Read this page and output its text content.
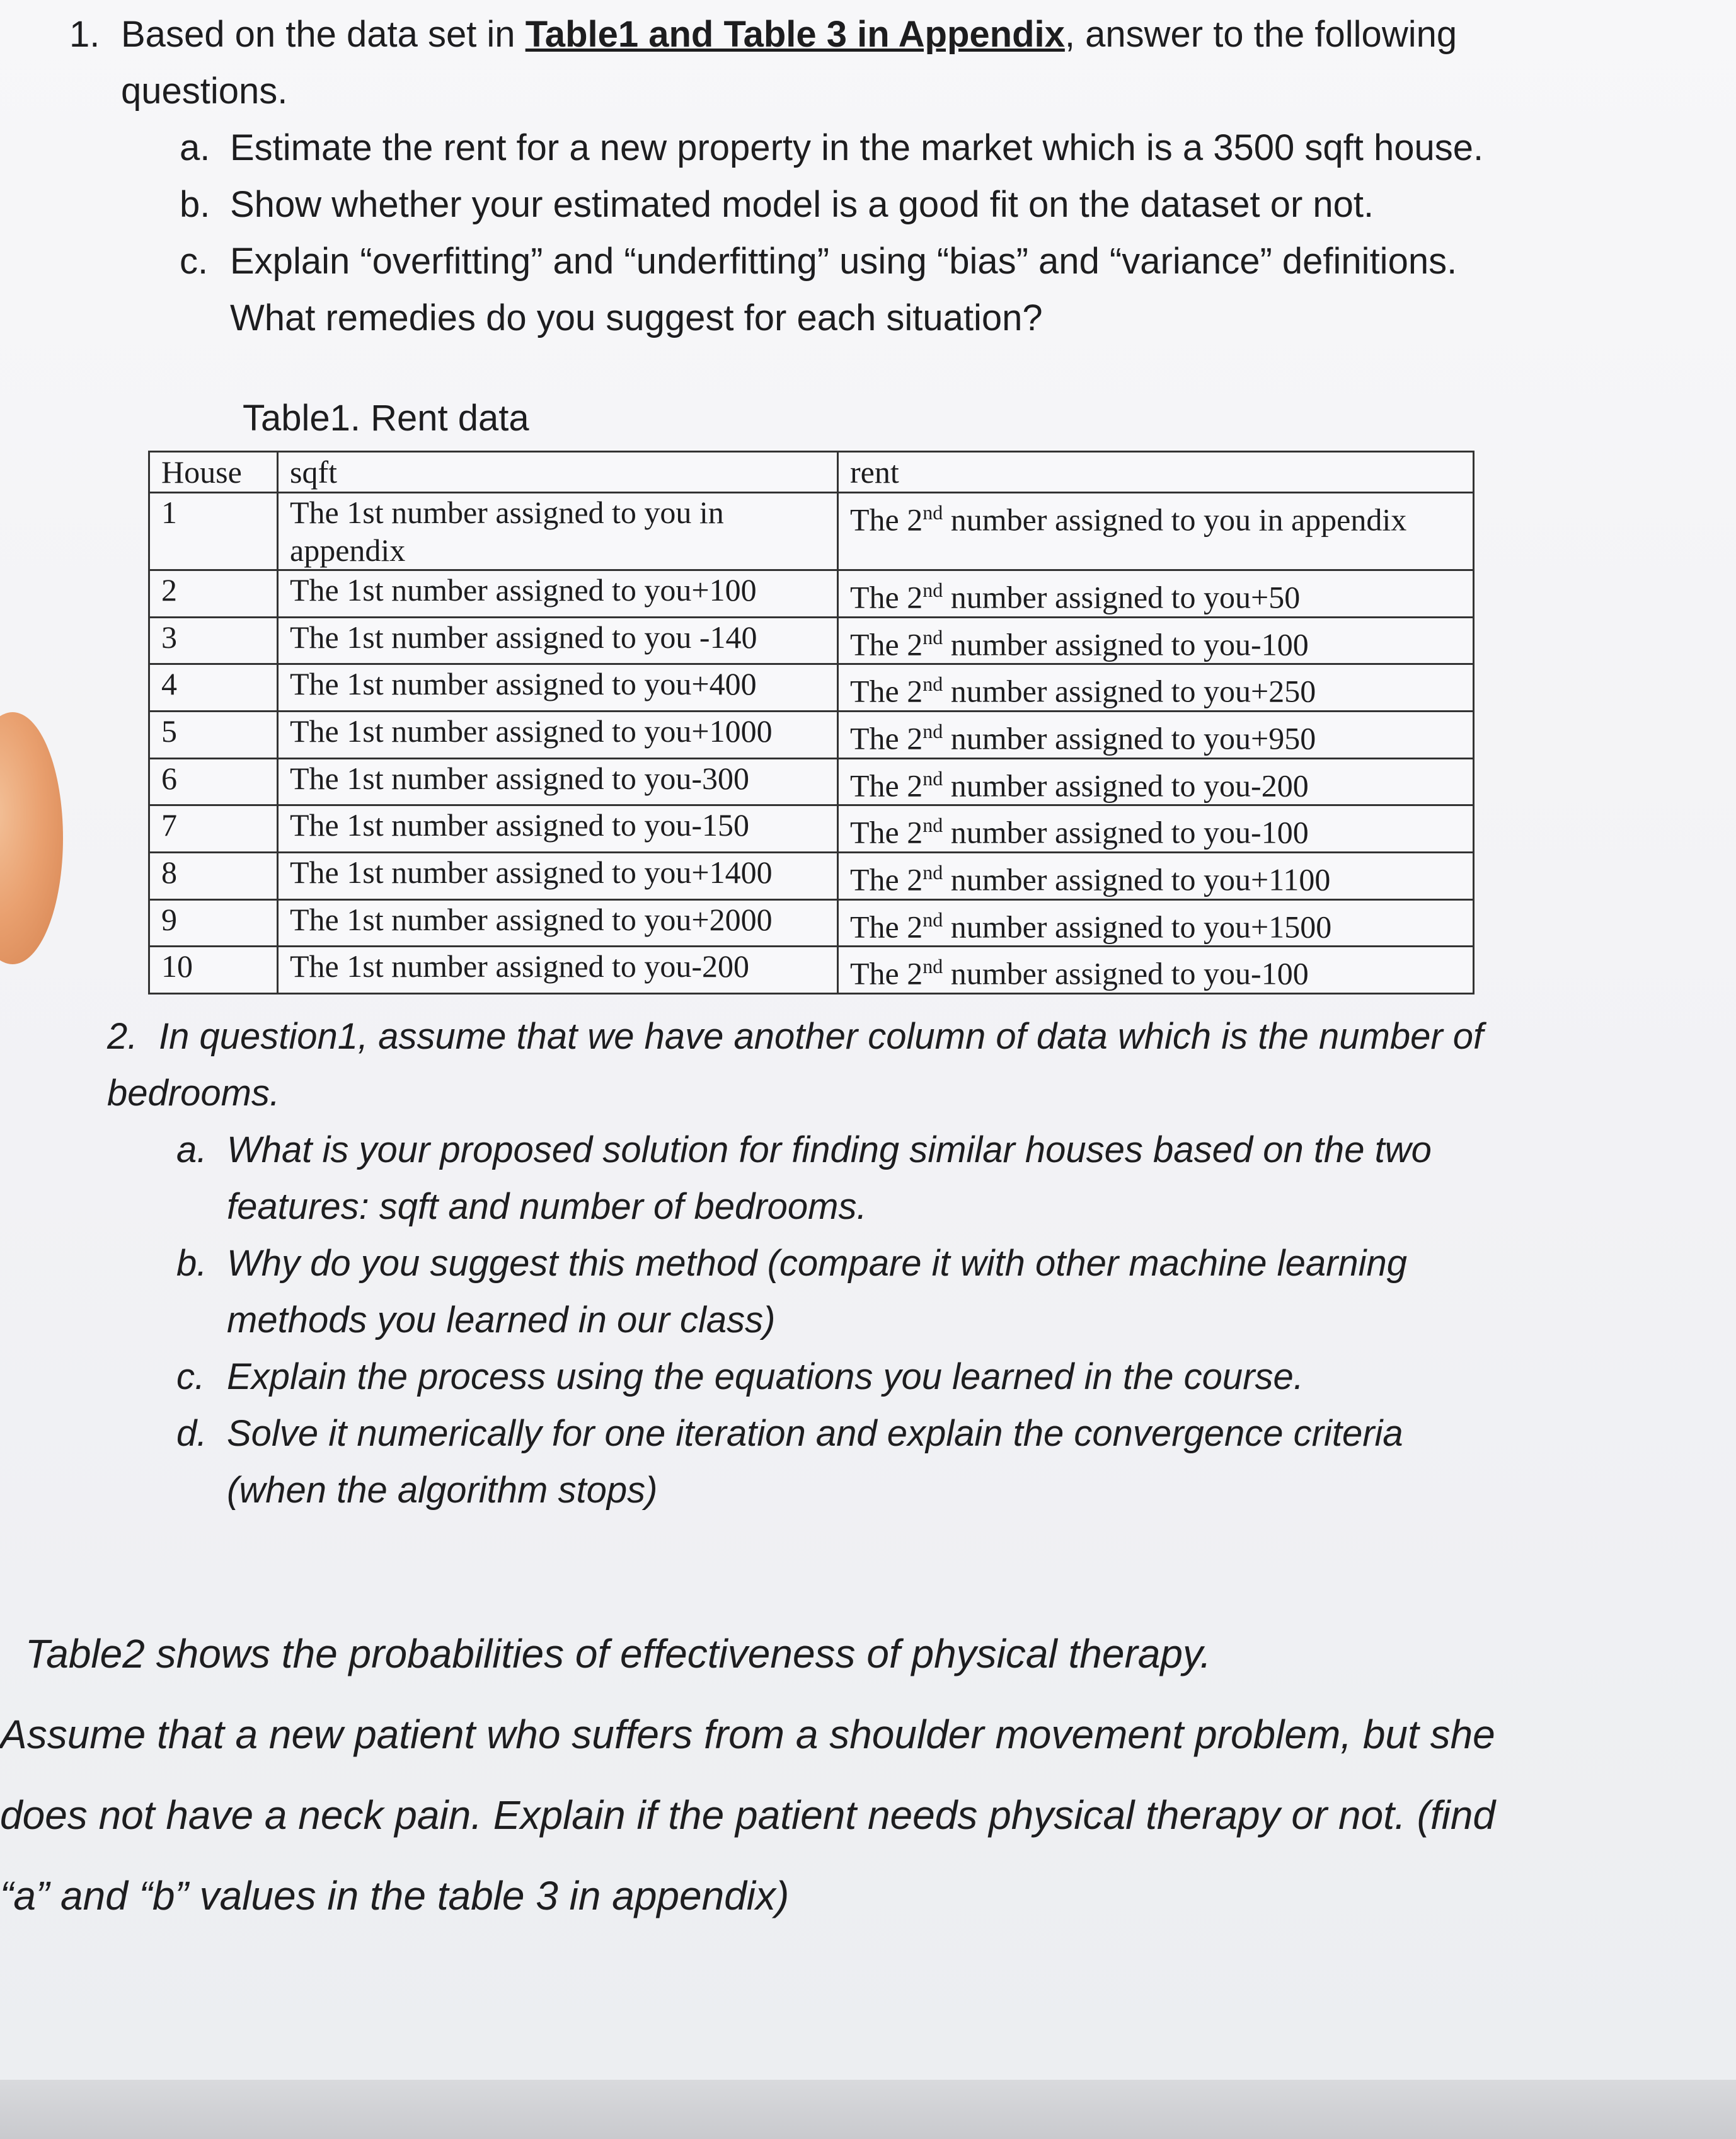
1. Based on the data set in Table1 and Table 3 in Appendix, answer to the following
questions.
a. Estimate the rent for a new property in the market which is a 3500 sqft house.
b. Show whether your estimated model is a good fit on the dataset or not.
c. Explain “overfitting” and “underfitting” using “bias” and “variance” definitions.
What remedies do you suggest for each situation?
Table1. Rent data
House	sqft	rent
1	The 1st number assigned to you in appendix	The 2nd number assigned to you in appendix
2	The 1st number assigned to you+100	The 2nd number assigned to you+50
3	The 1st number assigned to you -140	The 2nd number assigned to you-100
4	The 1st number assigned to you+400	The 2nd number assigned to you+250
5	The 1st number assigned to you+1000	The 2nd number assigned to you+950
6	The 1st number assigned to you-300	The 2nd number assigned to you-200
7	The 1st number assigned to you-150	The 2nd number assigned to you-100
8	The 1st number assigned to you+1400	The 2nd number assigned to you+1100
9	The 1st number assigned to you+2000	The 2nd number assigned to you+1500
10	The 1st number assigned to you-200	The 2nd number assigned to you-100
2. In question1, assume that we have another column of data which is the number of
bedrooms.
a. What is your proposed solution for finding similar houses based on the two
features: sqft and number of bedrooms.
b. Why do you suggest this method (compare it with other machine learning
methods you learned in our class)
c. Explain the process using the equations you learned in the course.
d. Solve it numerically for one iteration and explain the convergence criteria
(when the algorithm stops)
Table2 shows the probabilities of effectiveness of physical therapy.
Assume that a new patient who suffers from a shoulder movement problem, but she
does not have a neck pain. Explain if the patient needs physical therapy or not. (find
“a” and “b” values in the table 3 in appendix)
